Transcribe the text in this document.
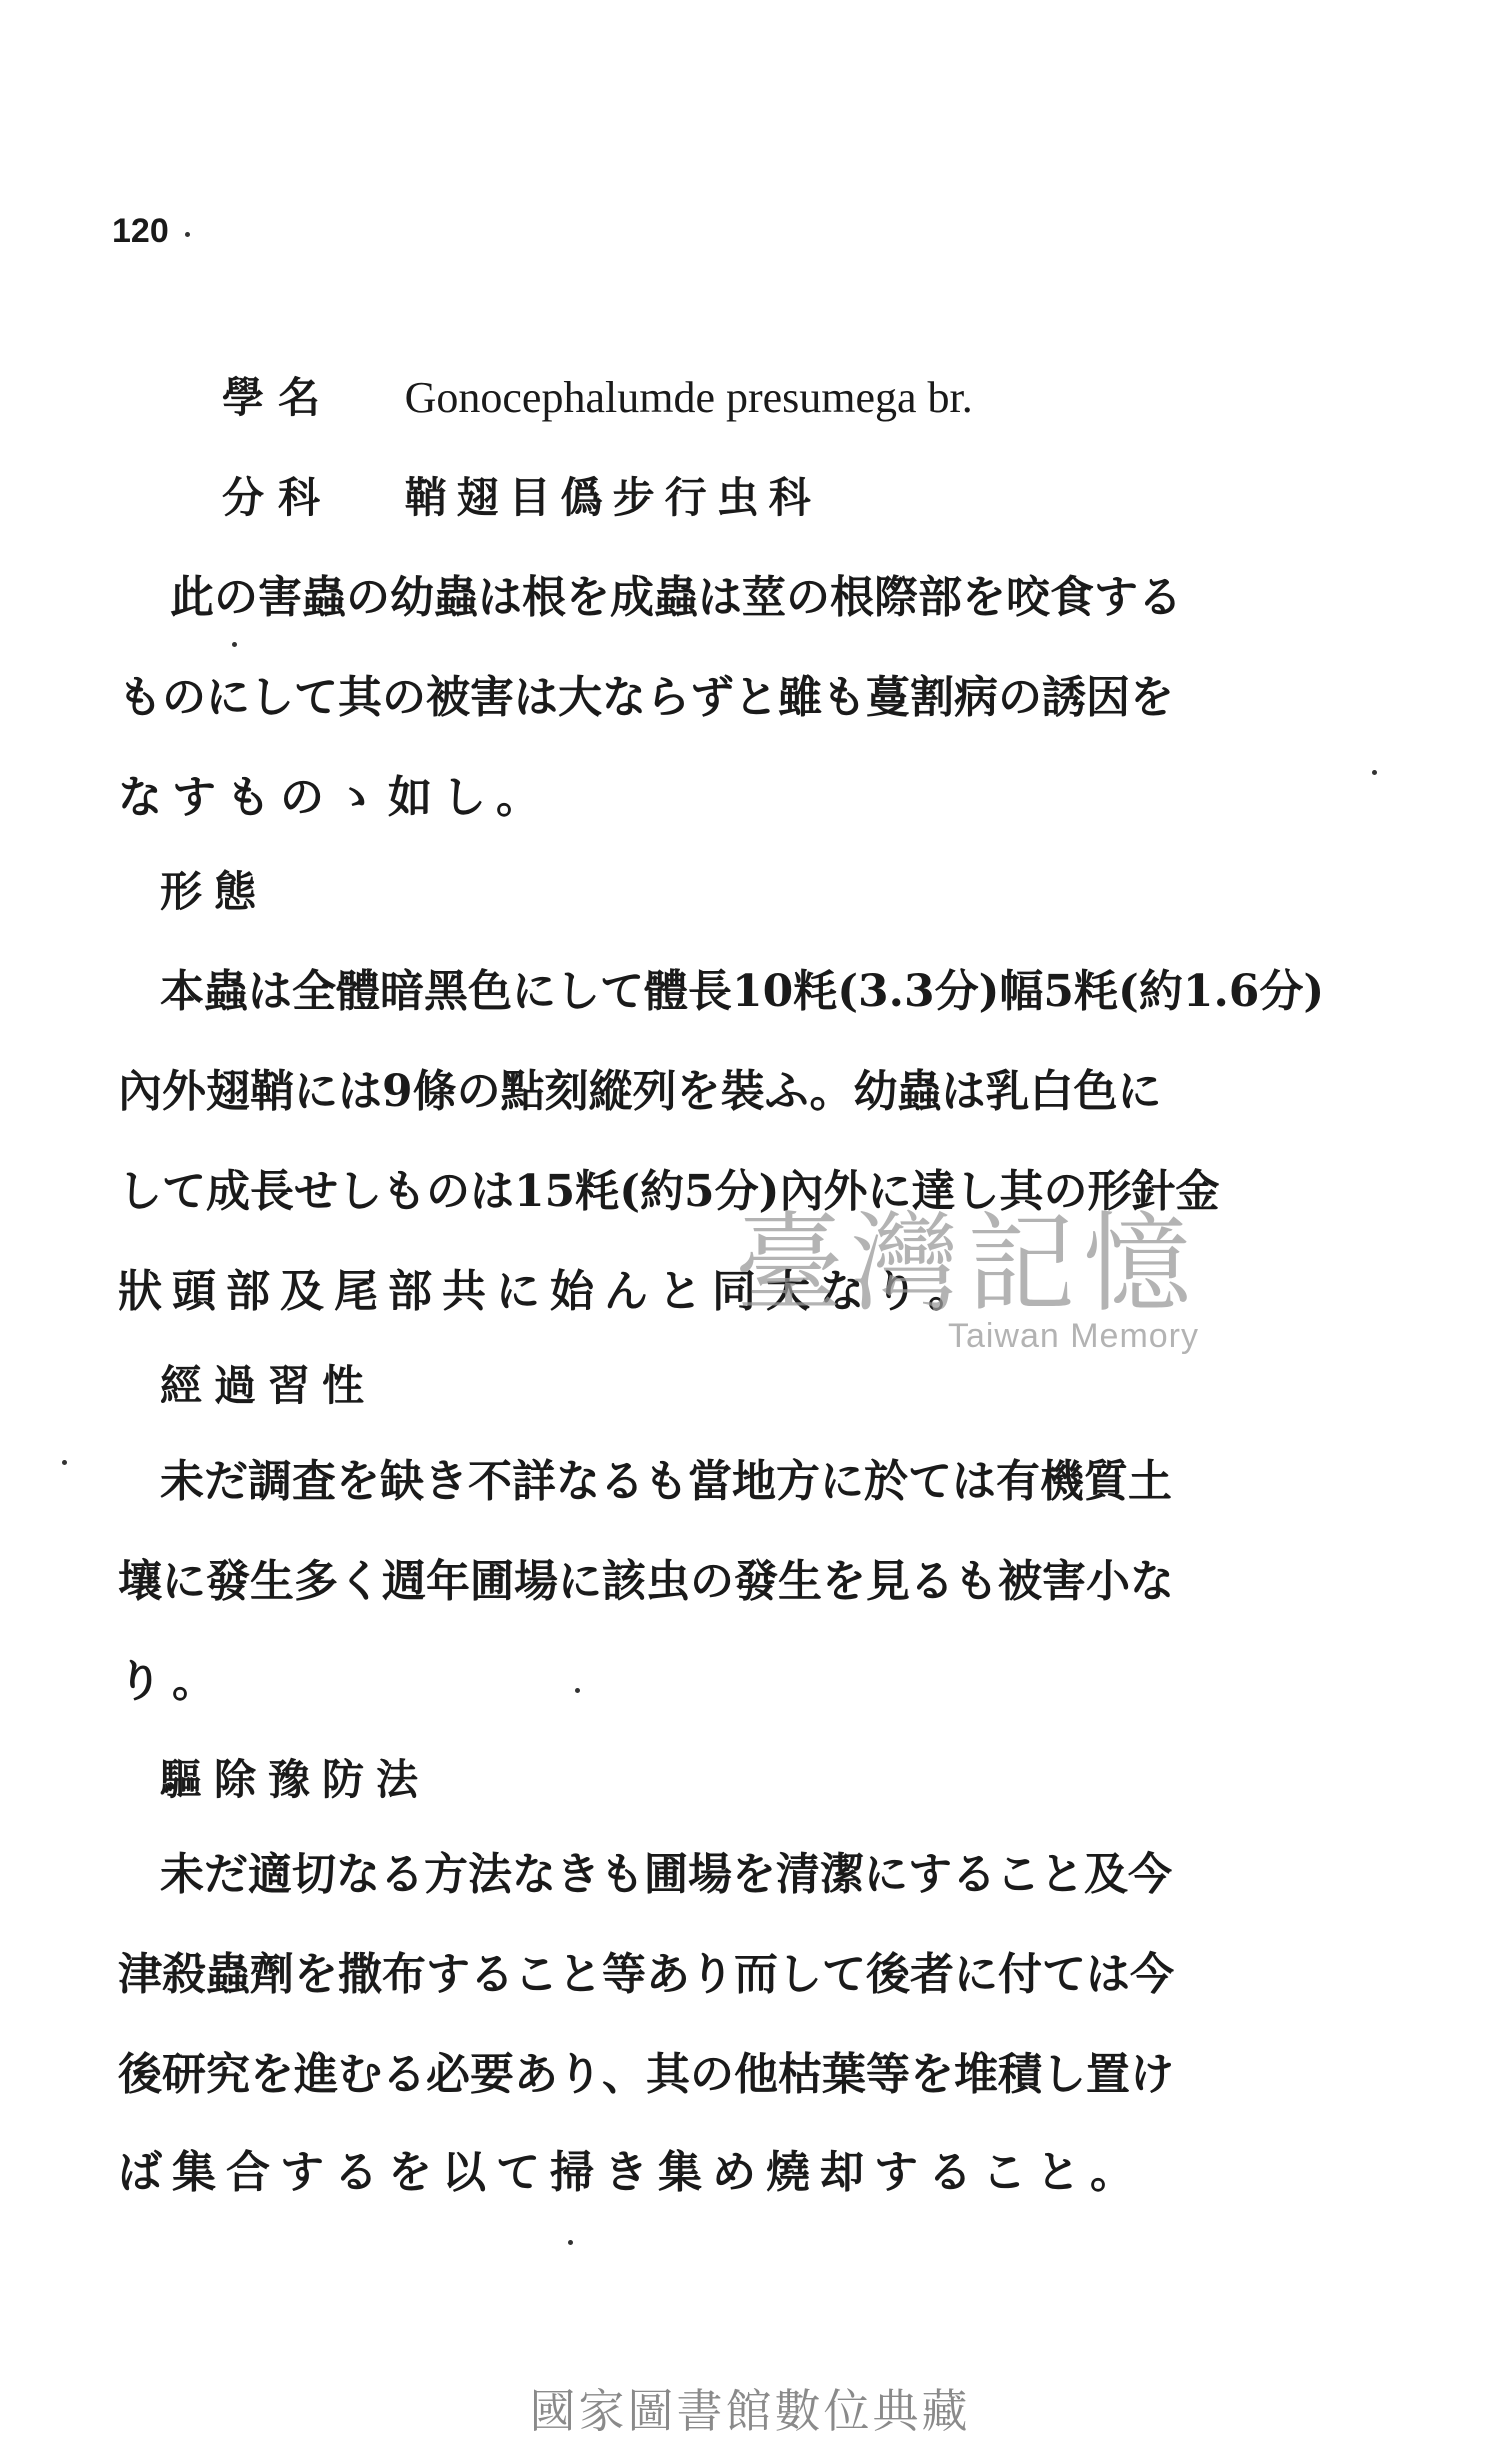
120
學名 Gonocephalumde presumega br.
分科 鞘翅目僞步行虫科
此の害蟲の幼蟲は根を成蟲は莖の根際部を咬食する
ものにして其の被害は大ならずと雖も蔓割病の誘因を
なすものゝ如し。
形態
本蟲は全體暗黑色にして體長10粍(3.3分)幅5粍(約1.6分)
內外翅鞘には9條の點刻縱列を裝ふ。幼蟲は乳白色に
して成長せしものは15粍(約5分)內外に達し其の形針金
狀頭部及尾部共に始んと同大なり。
經過習性
未だ調査を缺き不詳なるも當地方に於ては有機質土
壤に發生多く週年圃場に該虫の發生を見るも被害小な
り。
驅除豫防法
未だ適切なる方法なきも圃場を清潔にすること及今
津殺蟲劑を撒布すること等あり而して後者に付ては今
後研究を進むる必要あり、其の他枯葉等を堆積し置け
ば集合するを以て掃き集め燒却すること。
臺灣記憶
Taiwan Memory
國家圖書館數位典藏
